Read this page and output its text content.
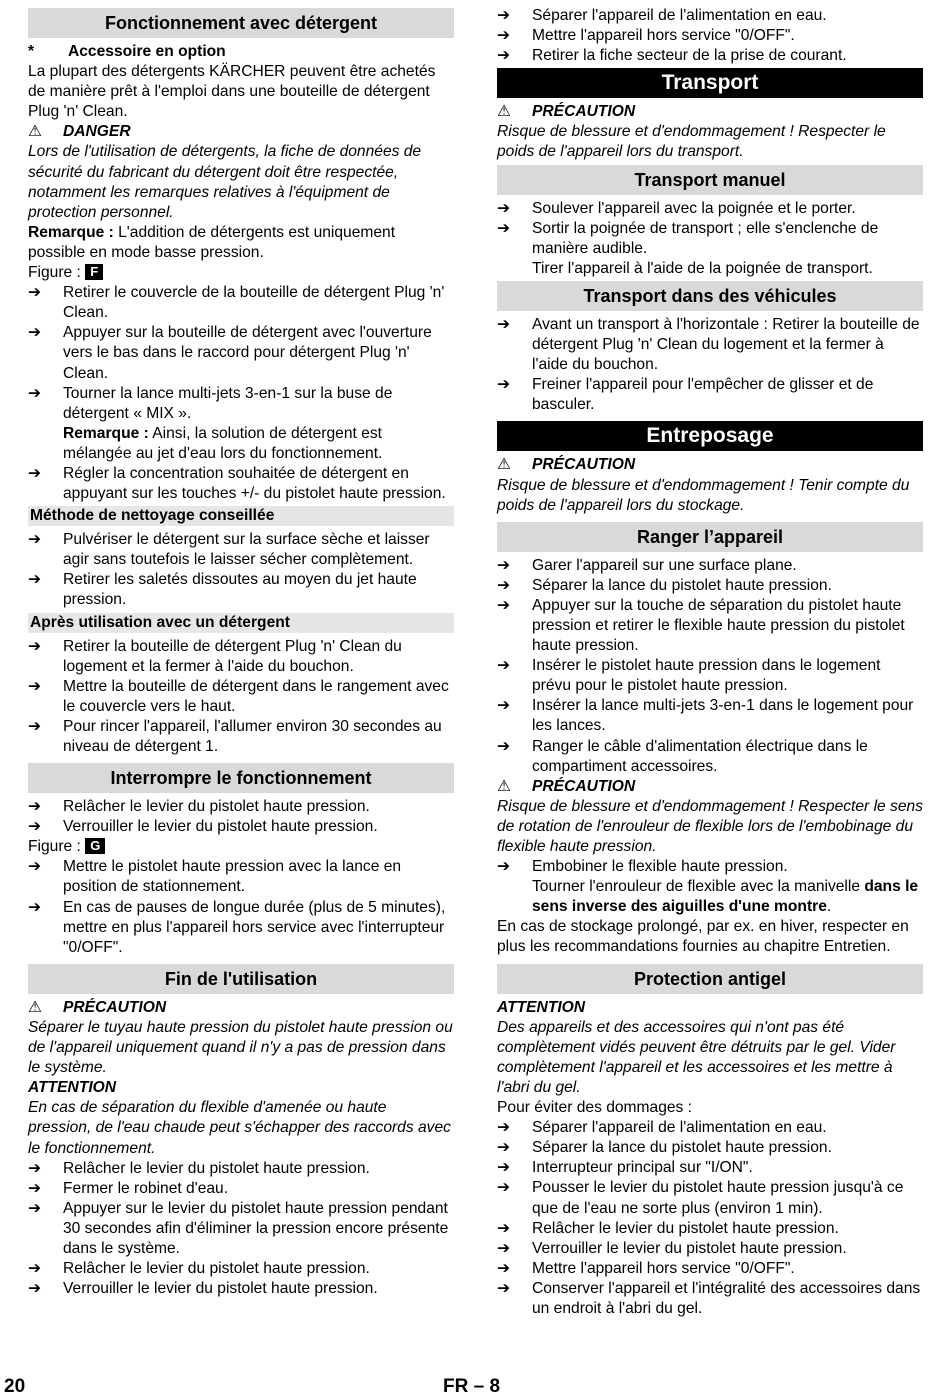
Fonctionnement avec détergent
*	Accessoire en option
La plupart des détergents KÄRCHER peuvent être achetés de manière prêt à l'emploi dans une bouteille de détergent Plug 'n' Clean.
⚠	DANGER
Lors de l'utilisation de détergents, la fiche de données de sécurité du fabricant du détergent doit être respectée, notamment les remarques relatives à l'équipment de protection personnel.
Remarque : L'addition de détergents est uniquement possible en mode basse pression.
Figure : F
➔	Retirer le couvercle de la bouteille de détergent Plug 'n' Clean.
➔	Appuyer sur la bouteille de détergent avec l'ouverture vers le bas dans le raccord pour détergent Plug 'n' Clean.
➔	Tourner la lance multi-jets 3-en-1 sur la buse de détergent « MIX ».
Remarque : Ainsi, la solution de détergent est mélangée au jet d'eau lors du fonctionnement.
➔	Régler la concentration souhaitée de détergent en appuyant sur les touches +/- du pistolet haute pression.
Méthode de nettoyage conseillée
➔	Pulvériser le détergent sur la surface sèche et laisser agir sans toutefois le laisser sécher complètement.
➔	Retirer les saletés dissoutes au moyen du jet haute pression.
Après utilisation avec un détergent
➔	Retirer la bouteille de détergent Plug 'n' Clean du logement et la fermer à l'aide du bouchon.
➔	Mettre la bouteille de détergent dans le rangement avec le couvercle vers le haut.
➔	Pour rincer l'appareil, l'allumer environ 30 secondes au niveau de détergent 1.
Interrompre le fonctionnement
➔	Relâcher le levier du pistolet haute pression.
➔	Verrouiller le levier du pistolet haute pression.
Figure : G
➔	Mettre le pistolet haute pression avec la lance en position de stationnement.
➔	En cas de pauses de longue durée (plus de 5 minutes), mettre en plus l'appareil hors service avec l'interrupteur "0/OFF".
Fin de l'utilisation
⚠	PRÉCAUTION
Séparer le tuyau haute pression du pistolet haute pression ou de l'appareil uniquement quand il n'y a pas de pression dans le système.
ATTENTION
En cas de séparation du flexible d'amenée ou haute pression, de l'eau chaude peut s'échapper des raccords avec le fonctionnement.
➔	Relâcher le levier du pistolet haute pression.
➔	Fermer le robinet d'eau.
➔	Appuyer sur le levier du pistolet haute pression pendant 30 secondes afin d'éliminer la pression encore présente dans le système.
➔	Relâcher le levier du pistolet haute pression.
➔	Verrouiller le levier du pistolet haute pression.
➔	Séparer l'appareil de l'alimentation en eau.
➔	Mettre l'appareil hors service "0/OFF".
➔	Retirer la fiche secteur de la prise de courant.
Transport
⚠	PRÉCAUTION
Risque de blessure et d'endommagement ! Respecter le poids de l'appareil lors du transport.
Transport manuel
➔	Soulever l'appareil avec la poignée et le porter.
➔	Sortir la poignée de transport ; elle s'enclenche de manière audible.
Tirer l'appareil à l'aide de la poignée de transport.
Transport dans des véhicules
➔	Avant un transport à l'horizontale : Retirer la bouteille de détergent Plug 'n' Clean du logement et la fermer à l'aide du bouchon.
➔	Freiner l'appareil pour l'empêcher de glisser et de basculer.
Entreposage
⚠	PRÉCAUTION
Risque de blessure et d'endommagement ! Tenir compte du poids de l'appareil lors du stockage.
Ranger l’appareil
➔	Garer l'appareil sur une surface plane.
➔	Séparer la lance du pistolet haute pression.
➔	Appuyer sur la touche de séparation du pistolet haute pression et retirer le flexible haute pression du pistolet haute pression.
➔	Insérer le pistolet haute pression dans le logement prévu pour le pistolet haute pression.
➔	Insérer la lance multi-jets 3-en-1 dans le logement pour les lances.
➔	Ranger le câble d'alimentation électrique dans le compartiment accessoires.
⚠	PRÉCAUTION
Risque de blessure et d'endommagement ! Respecter le sens de rotation de l'enrouleur de flexible lors de l'embobinage du flexible haute pression.
➔	Embobiner le flexible haute pression.
Tourner l'enrouleur de flexible avec la manivelle dans le sens inverse des aiguilles d'une montre.
En cas de stockage prolongé, par ex. en hiver, respecter en plus les recommandations fournies au chapitre Entretien.
Protection antigel
ATTENTION
Des appareils et des accessoires qui n'ont pas été complètement vidés peuvent être détruits par le gel. Vider complètement l'appareil et les accessoires et les mettre à l'abri du gel.
Pour éviter des dommages :
➔	Séparer l'appareil de l'alimentation en eau.
➔	Séparer la lance du pistolet haute pression.
➔	Interrupteur principal sur "I/ON".
➔	Pousser le levier du pistolet haute pression jusqu'à ce que de l'eau ne sorte plus (environ 1 min).
➔	Relâcher le levier du pistolet haute pression.
➔	Verrouiller le levier du pistolet haute pression.
➔	Mettre l'appareil hors service "0/OFF".
➔	Conserver l'appareil et l'intégralité des accessoires dans un endroit à l'abri du gel.
20	FR – 8
